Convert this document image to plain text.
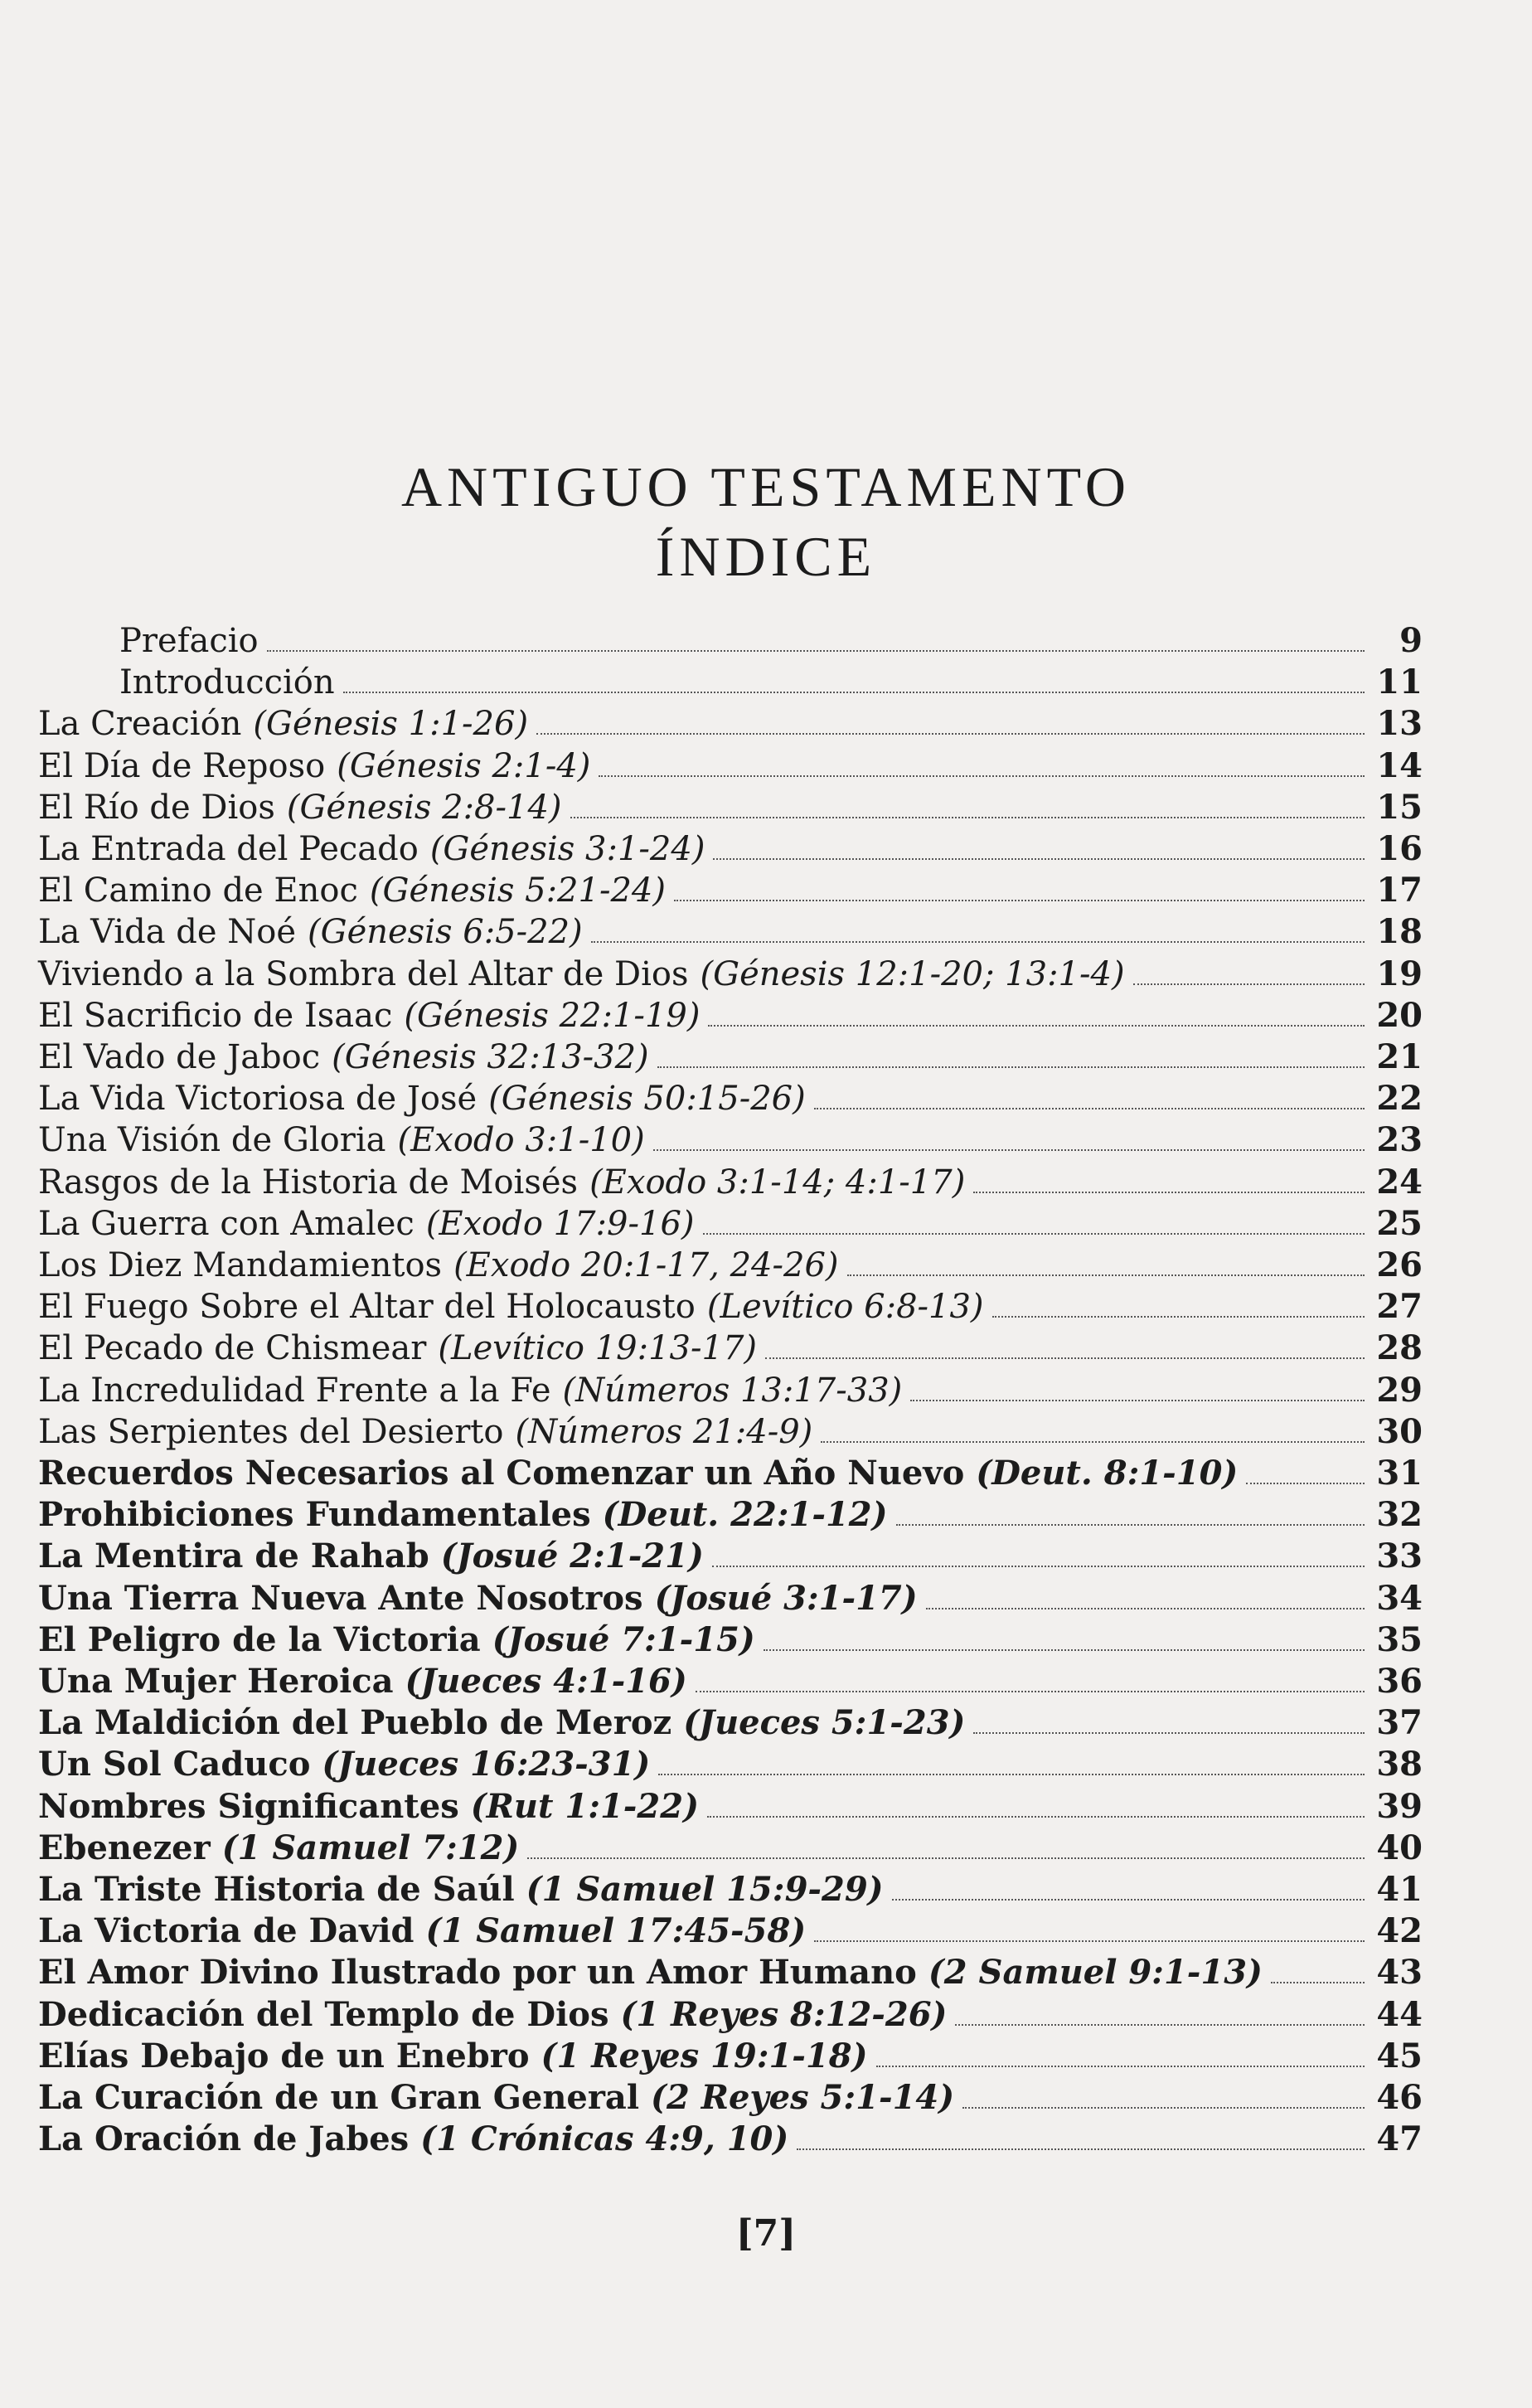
ANTIGUO TESTAMENTO
ÍNDICE
Prefacio	9
Introducción	11
La Creación (Génesis 1:1-26)	13
El Día de Reposo (Génesis 2:1-4)	14
El Río de Dios (Génesis 2:8-14)	15
La Entrada del Pecado (Génesis 3:1-24)	16
El Camino de Enoc (Génesis 5:21-24)	17
La Vida de Noé (Génesis 6:5-22)	18
Viviendo a la Sombra del Altar de Dios (Génesis 12:1-20; 13:1-4)	19
El Sacrificio de Isaac (Génesis 22:1-19)	20
El Vado de Jaboc (Génesis 32:13-32)	21
La Vida Victoriosa de José (Génesis 50:15-26)	22
Una Visión de Gloria (Exodo 3:1-10)	23
Rasgos de la Historia de Moisés (Exodo 3:1-14; 4:1-17)	24
La Guerra con Amalec (Exodo 17:9-16)	25
Los Diez Mandamientos (Exodo 20:1-17, 24-26)	26
El Fuego Sobre el Altar del Holocausto (Levítico 6:8-13)	27
El Pecado de Chismear (Levítico 19:13-17)	28
La Incredulidad Frente a la Fe (Números 13:17-33)	29
Las Serpientes del Desierto (Números 21:4-9)	30
Recuerdos Necesarios al Comenzar un Año Nuevo (Deut. 8:1-10)	31
Prohibiciones Fundamentales (Deut. 22:1-12)	32
La Mentira de Rahab (Josué 2:1-21)	33
Una Tierra Nueva Ante Nosotros (Josué 3:1-17)	34
El Peligro de la Victoria (Josué 7:1-15)	35
Una Mujer Heroica (Jueces 4:1-16)	36
La Maldición del Pueblo de Meroz (Jueces 5:1-23)	37
Un Sol Caduco (Jueces 16:23-31)	38
Nombres Significantes (Rut 1:1-22)	39
Ebenezer (1 Samuel 7:12)	40
La Triste Historia de Saúl (1 Samuel 15:9-29)	41
La Victoria de David (1 Samuel 17:45-58)	42
El Amor Divino Ilustrado por un Amor Humano (2 Samuel 9:1-13)	43
Dedicación del Templo de Dios (1 Reyes 8:12-26)	44
Elías Debajo de un Enebro (1 Reyes 19:1-18)	45
La Curación de un Gran General (2 Reyes 5:1-14)	46
La Oración de Jabes (1 Crónicas 4:9, 10)	47
[7]
